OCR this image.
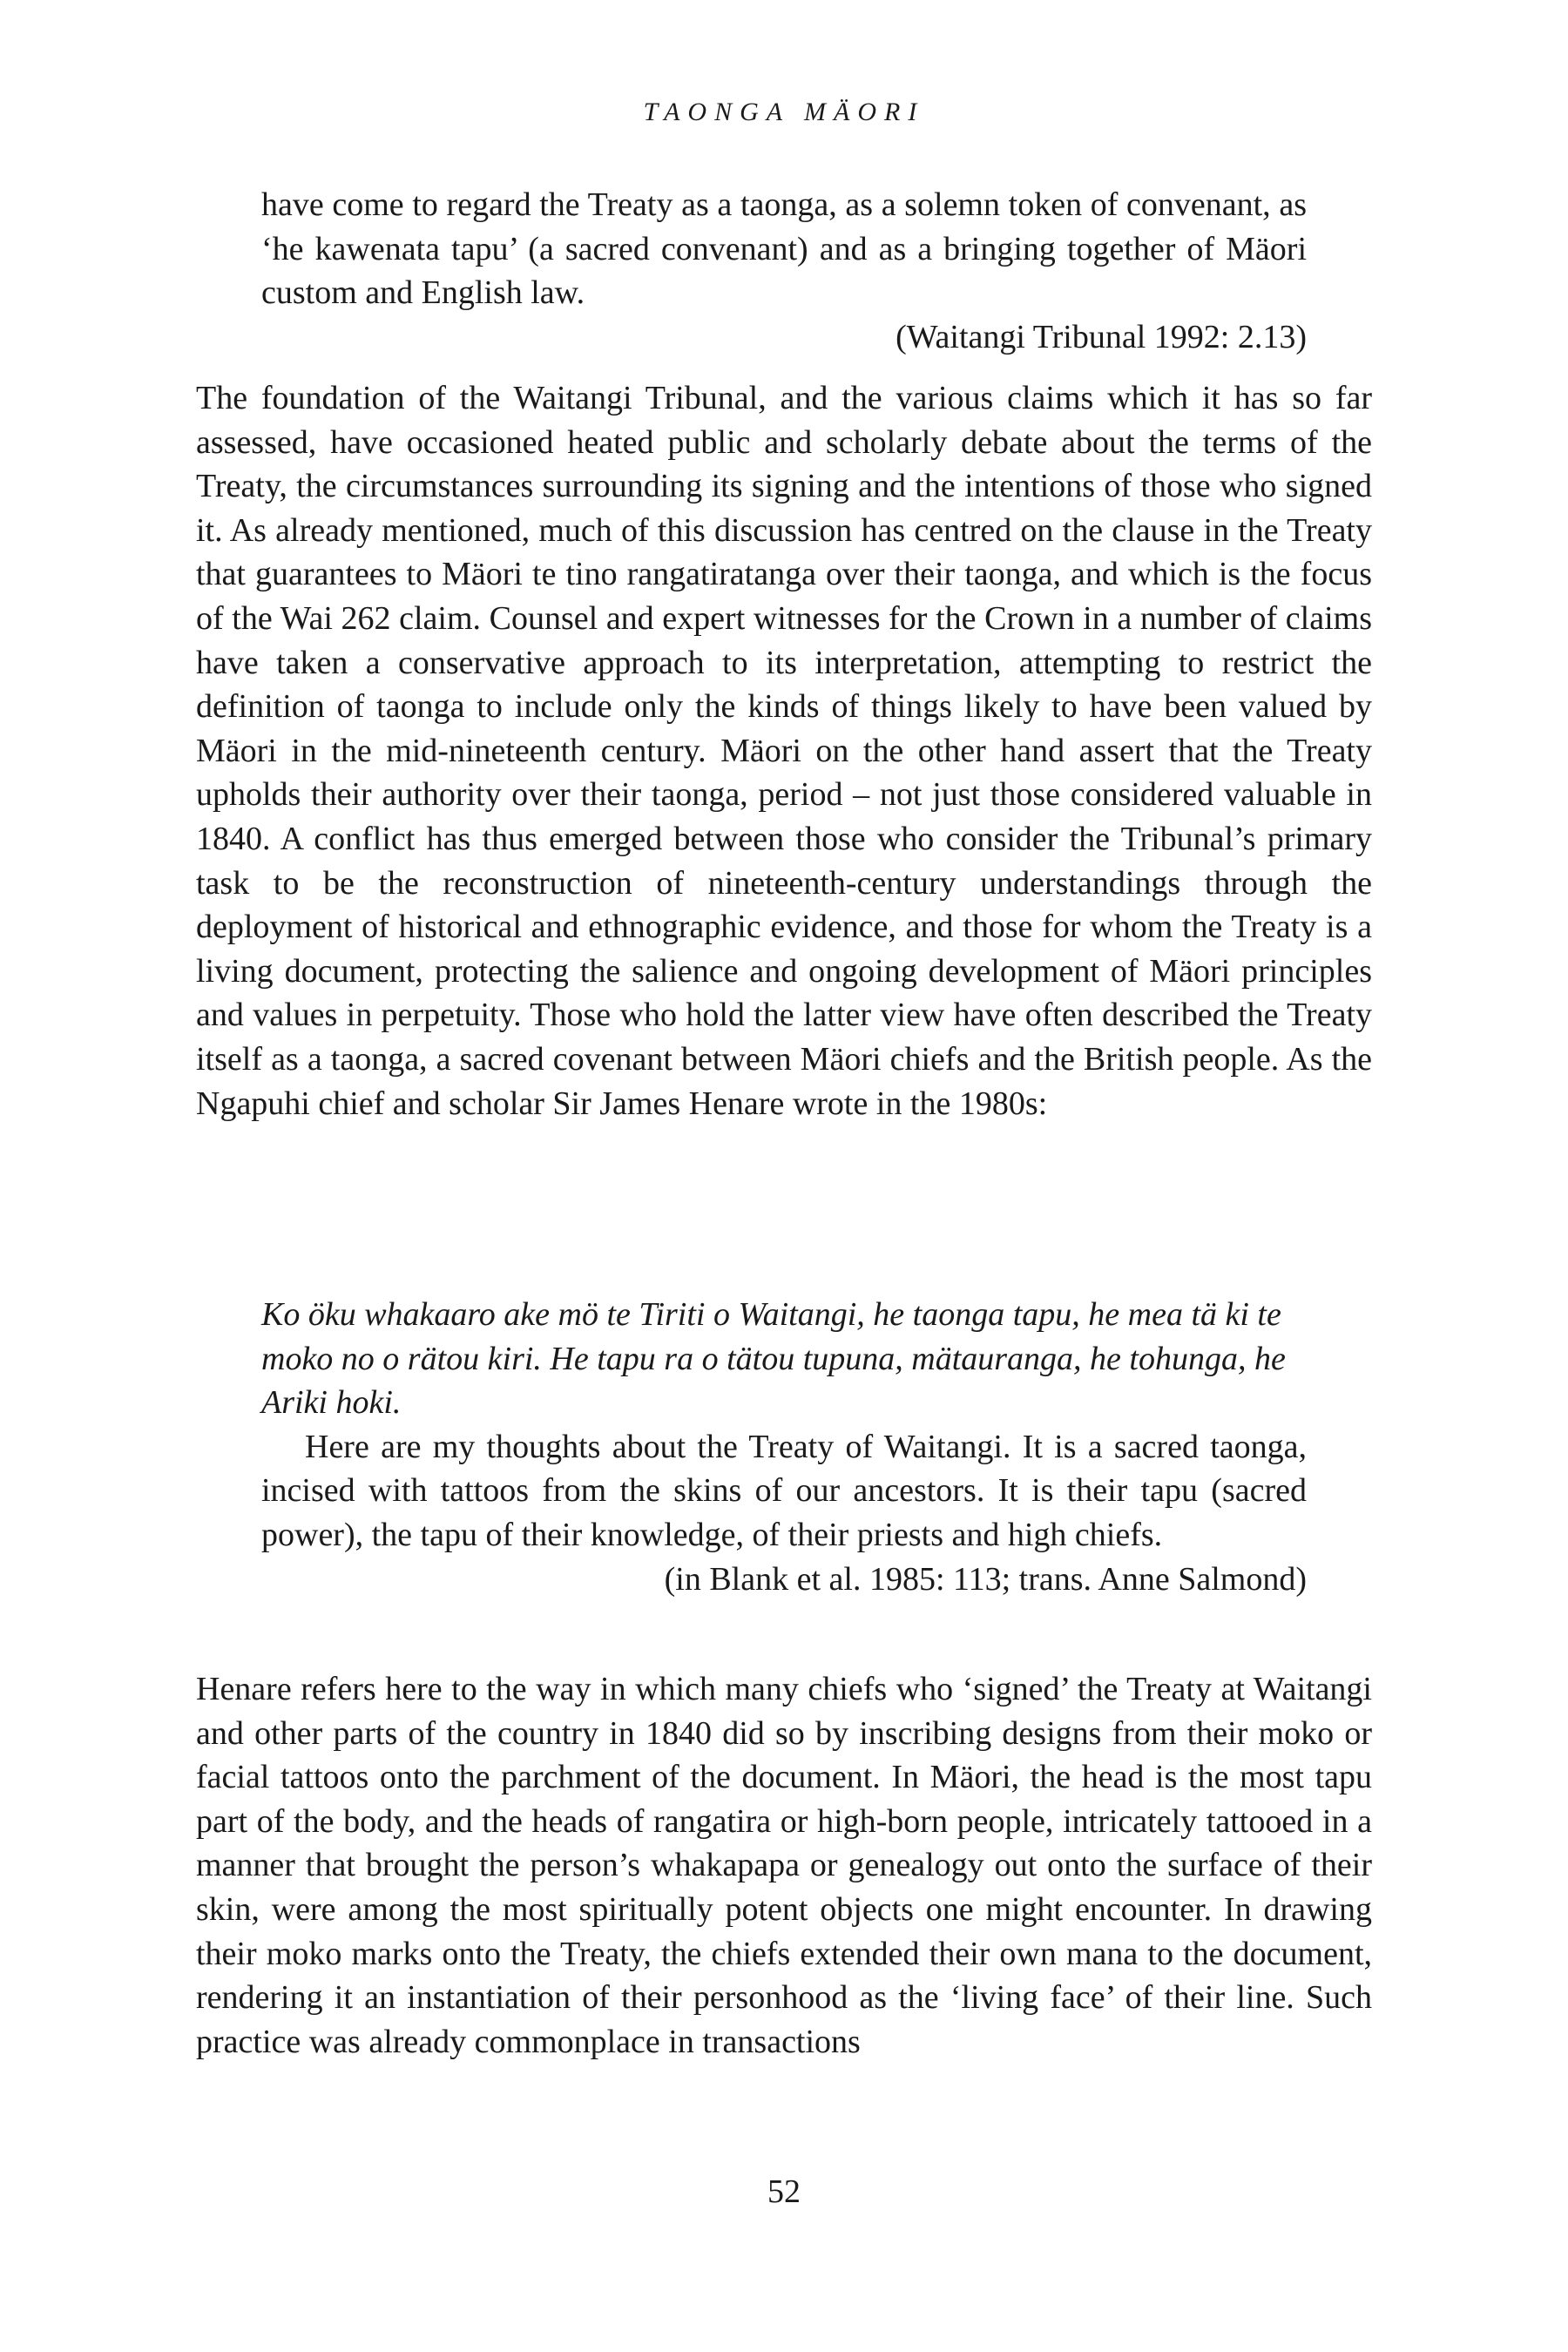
TAONGA MÄORI

have come to regard the Treaty as a taonga, as a solemn token of convenant, as ‘he kawenata tapu’ (a sacred convenant) and as a bringing together of Mäori custom and English law.

(Waitangi Tribunal 1992: 2.13)

The foundation of the Waitangi Tribunal, and the various claims which it has so far assessed, have occasioned heated public and scholarly debate about the terms of the Treaty, the circumstances surrounding its signing and the intentions of those who signed it. As already mentioned, much of this discussion has centred on the clause in the Treaty that guarantees to Mäori te tino rangatiratanga over their taonga, and which is the focus of the Wai 262 claim. Counsel and expert witnesses for the Crown in a number of claims have taken a conservative approach to its interpretation, attempting to restrict the definition of taonga to include only the kinds of things likely to have been valued by Mäori in the mid-nineteenth century. Mäori on the other hand assert that the Treaty upholds their authority over their taonga, period – not just those considered valuable in 1840. A conflict has thus emerged between those who consider the Tribunal’s primary task to be the reconstruction of nineteenth-century understandings through the deployment of historical and ethnographic evidence, and those for whom the Treaty is a living document, protecting the salience and ongoing development of Mäori principles and values in perpetuity. Those who hold the latter view have often described the Treaty itself as a taonga, a sacred covenant between Mäori chiefs and the British people. As the Ngapuhi chief and scholar Sir James Henare wrote in the 1980s:

Ko öku whakaaro ake mö te Tiriti o Waitangi, he taonga tapu, he mea tä ki te moko no o rätou kiri. He tapu ra o tätou tupuna, mätauranga, he tohunga, he Ariki hoki.

Here are my thoughts about the Treaty of Waitangi. It is a sacred taonga, incised with tattoos from the skins of our ancestors. It is their tapu (sacred power), the tapu of their knowledge, of their priests and high chiefs.

(in Blank et al. 1985: 113; trans. Anne Salmond)

Henare refers here to the way in which many chiefs who ‘signed’ the Treaty at Waitangi and other parts of the country in 1840 did so by inscribing designs from their moko or facial tattoos onto the parchment of the document. In Mäori, the head is the most tapu part of the body, and the heads of rangatira or high-born people, intricately tattooed in a manner that brought the person’s whakapapa or genealogy out onto the surface of their skin, were among the most spiritually potent objects one might encounter. In drawing their moko marks onto the Treaty, the chiefs extended their own mana to the document, rendering it an instantiation of their personhood as the ‘living face’ of their line. Such practice was already commonplace in transactions

52
